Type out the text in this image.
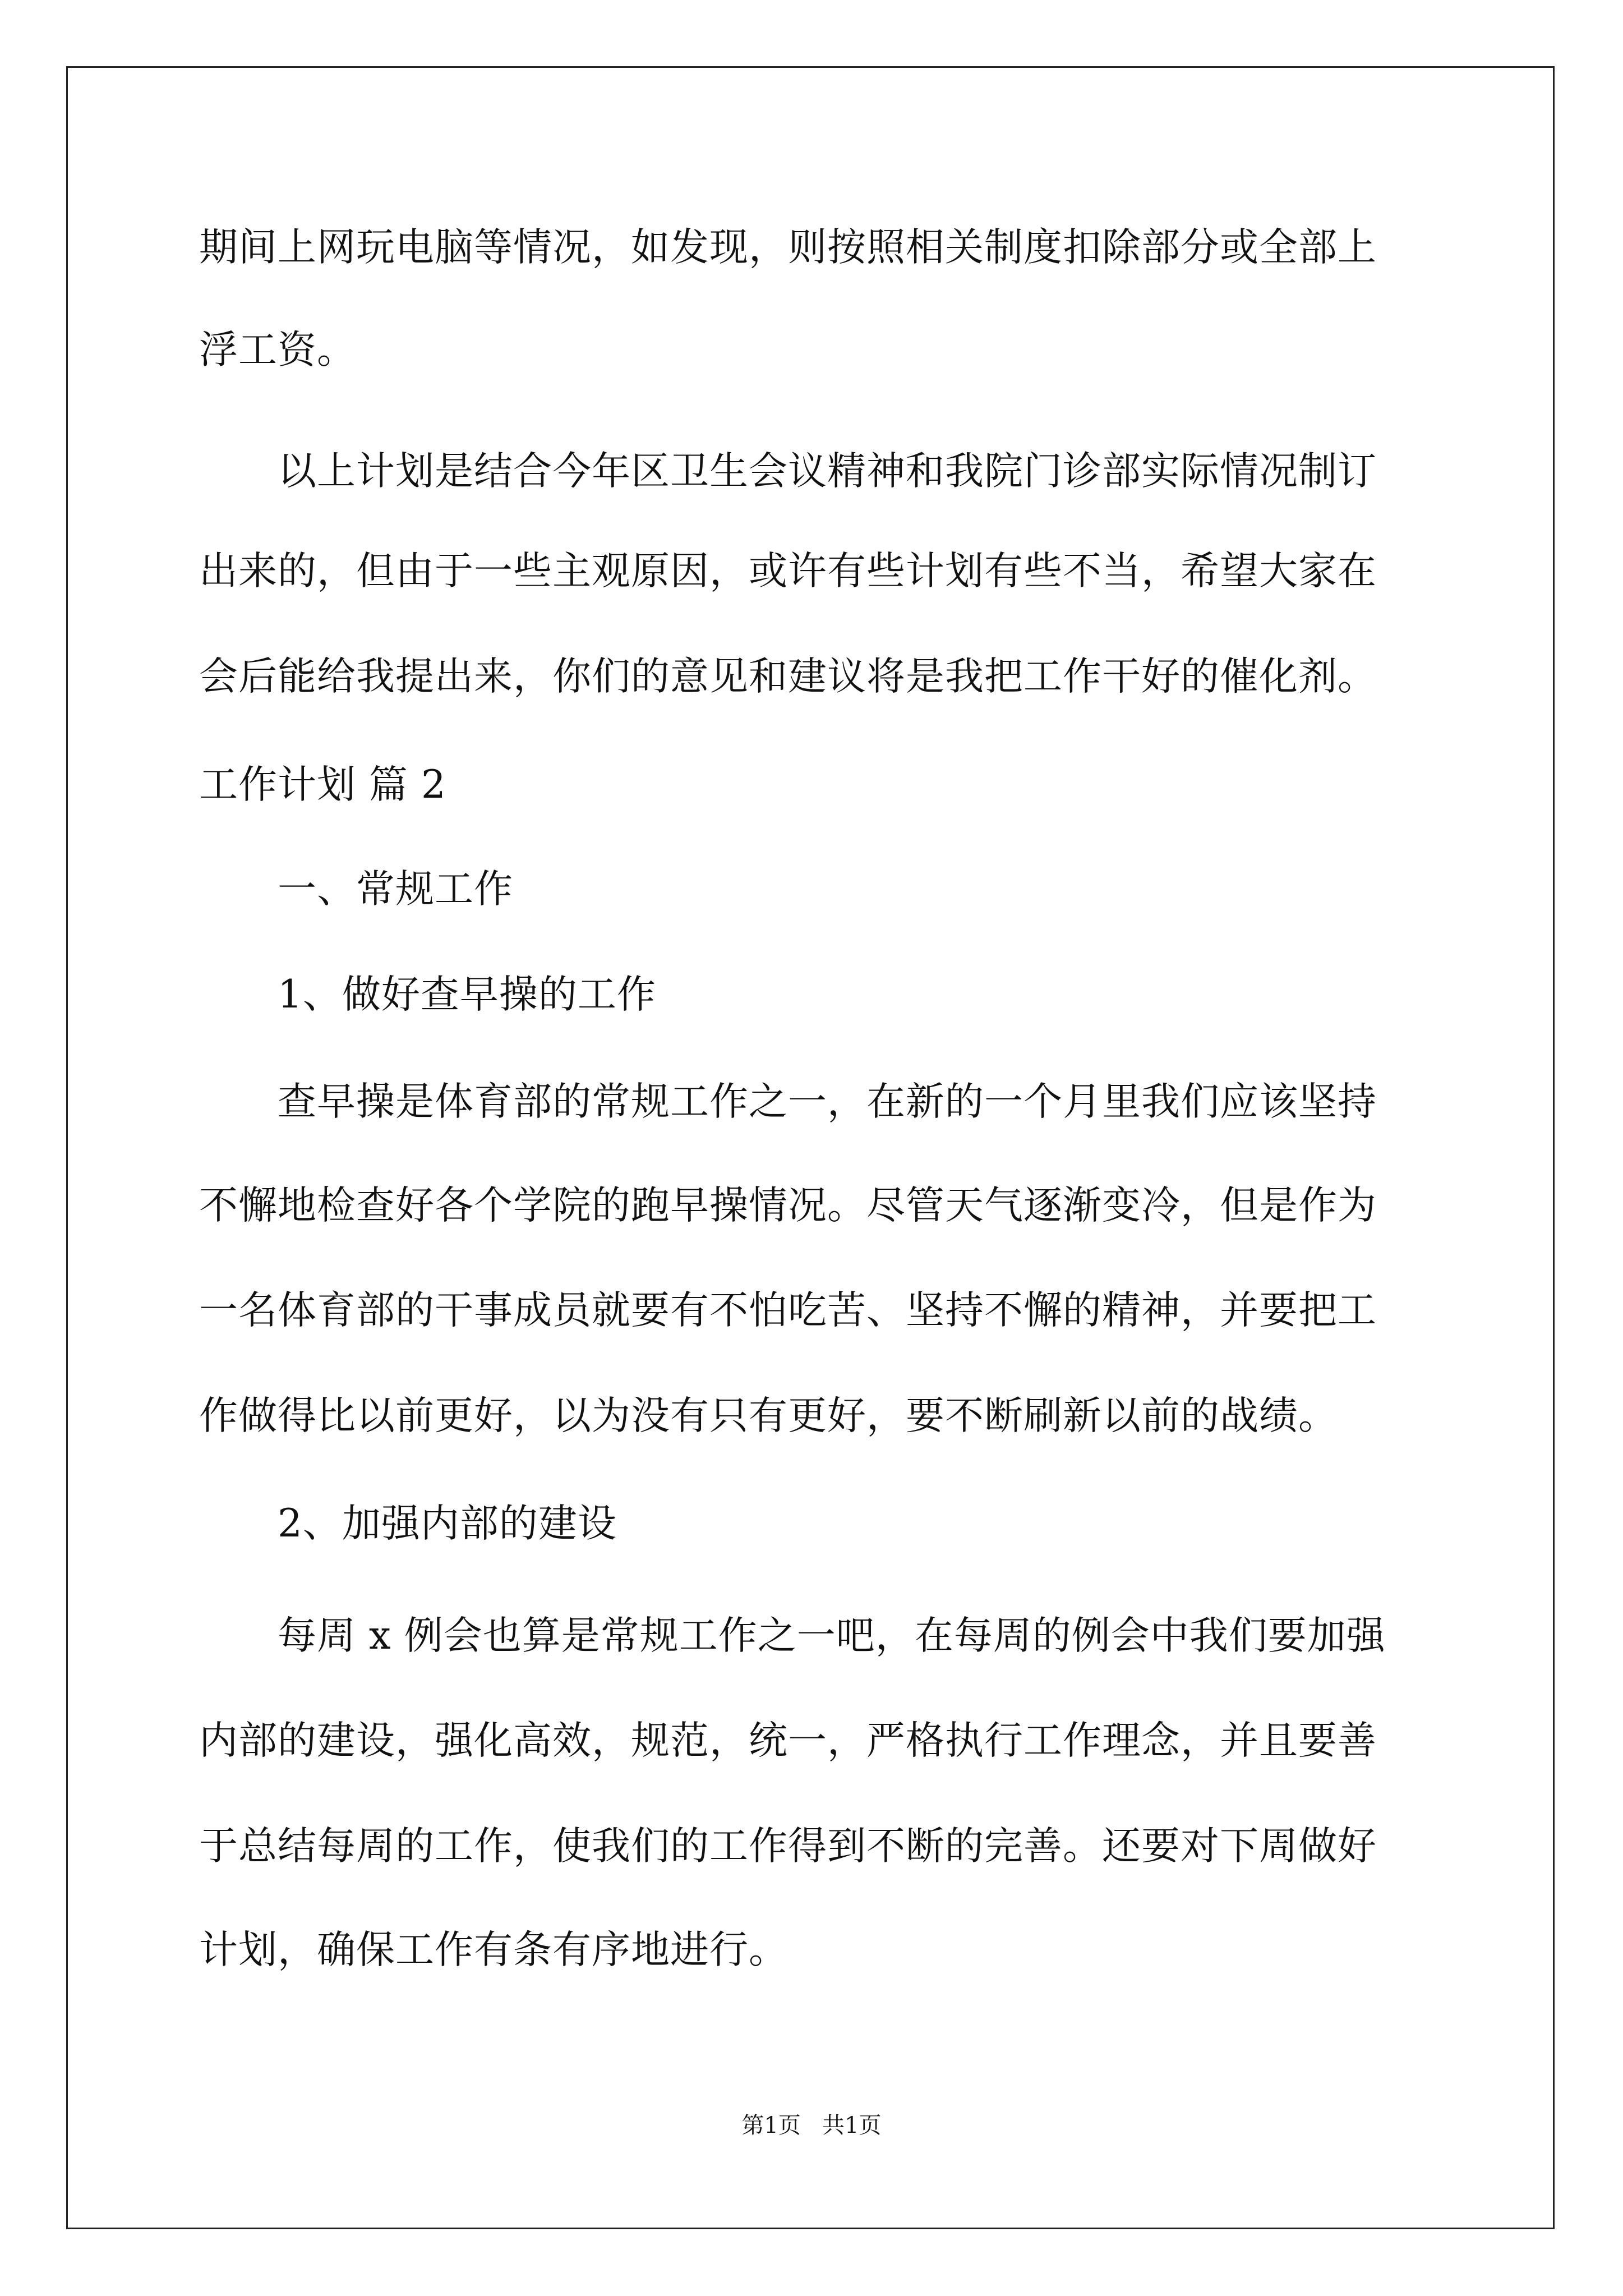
期间上网玩电脑等情况，如发现，则按照相关制度扣除部分或全部上
浮工资。
以上计划是结合今年区卫生会议精神和我院门诊部实际情况制订
出来的，但由于一些主观原因，或许有些计划有些不当，希望大家在
会后能给我提出来，你们的意见和建议将是我把工作干好的催化剂。
工作计划 篇 2
一、常规工作
1、做好查早操的工作
查早操是体育部的常规工作之一，在新的一个月里我们应该坚持
不懈地检查好各个学院的跑早操情况。尽管天气逐渐变冷，但是作为
一名体育部的干事成员就要有不怕吃苦、坚持不懈的精神，并要把工
作做得比以前更好，以为没有只有更好，要不断刷新以前的战绩。
2、加强内部的建设
每周 x 例会也算是常规工作之一吧，在每周的例会中我们要加强
内部的建设，强化高效，规范，统一，严格执行工作理念，并且要善
于总结每周的工作，使我们的工作得到不断的完善。还要对下周做好
计划，确保工作有条有序地进行。
第1页   共1页
